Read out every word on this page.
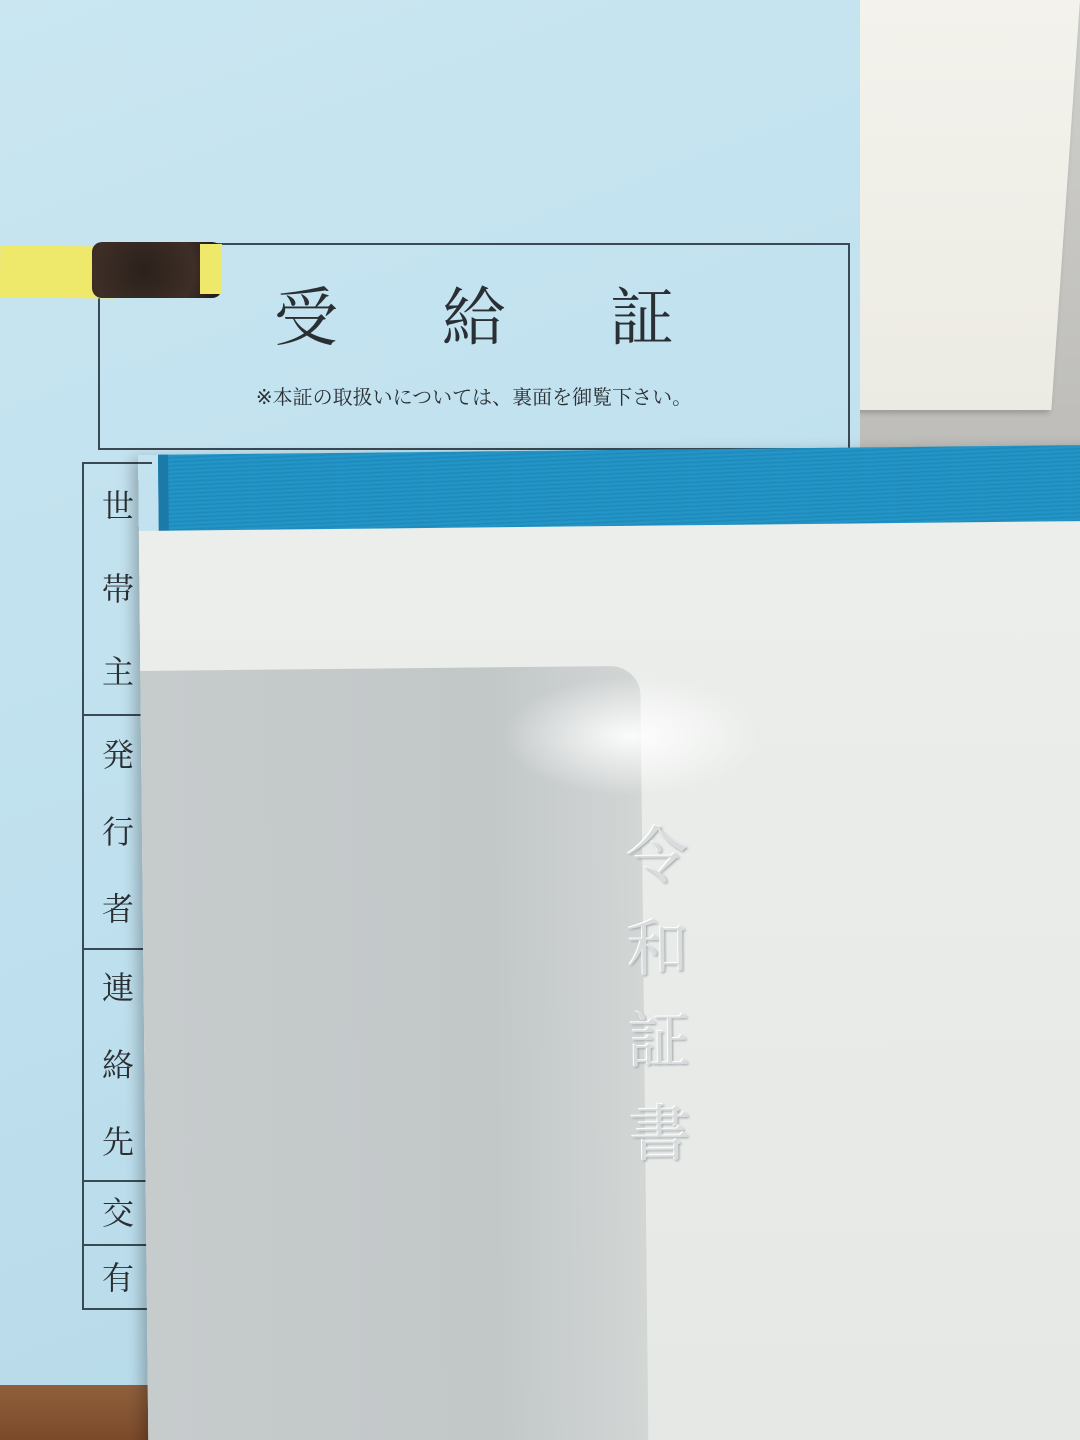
受給証
※本証の取扱いについては、裏面を御覧下さい。
世
帯
主
発
行
者
連
絡
先
交
有
令
和
証
書
